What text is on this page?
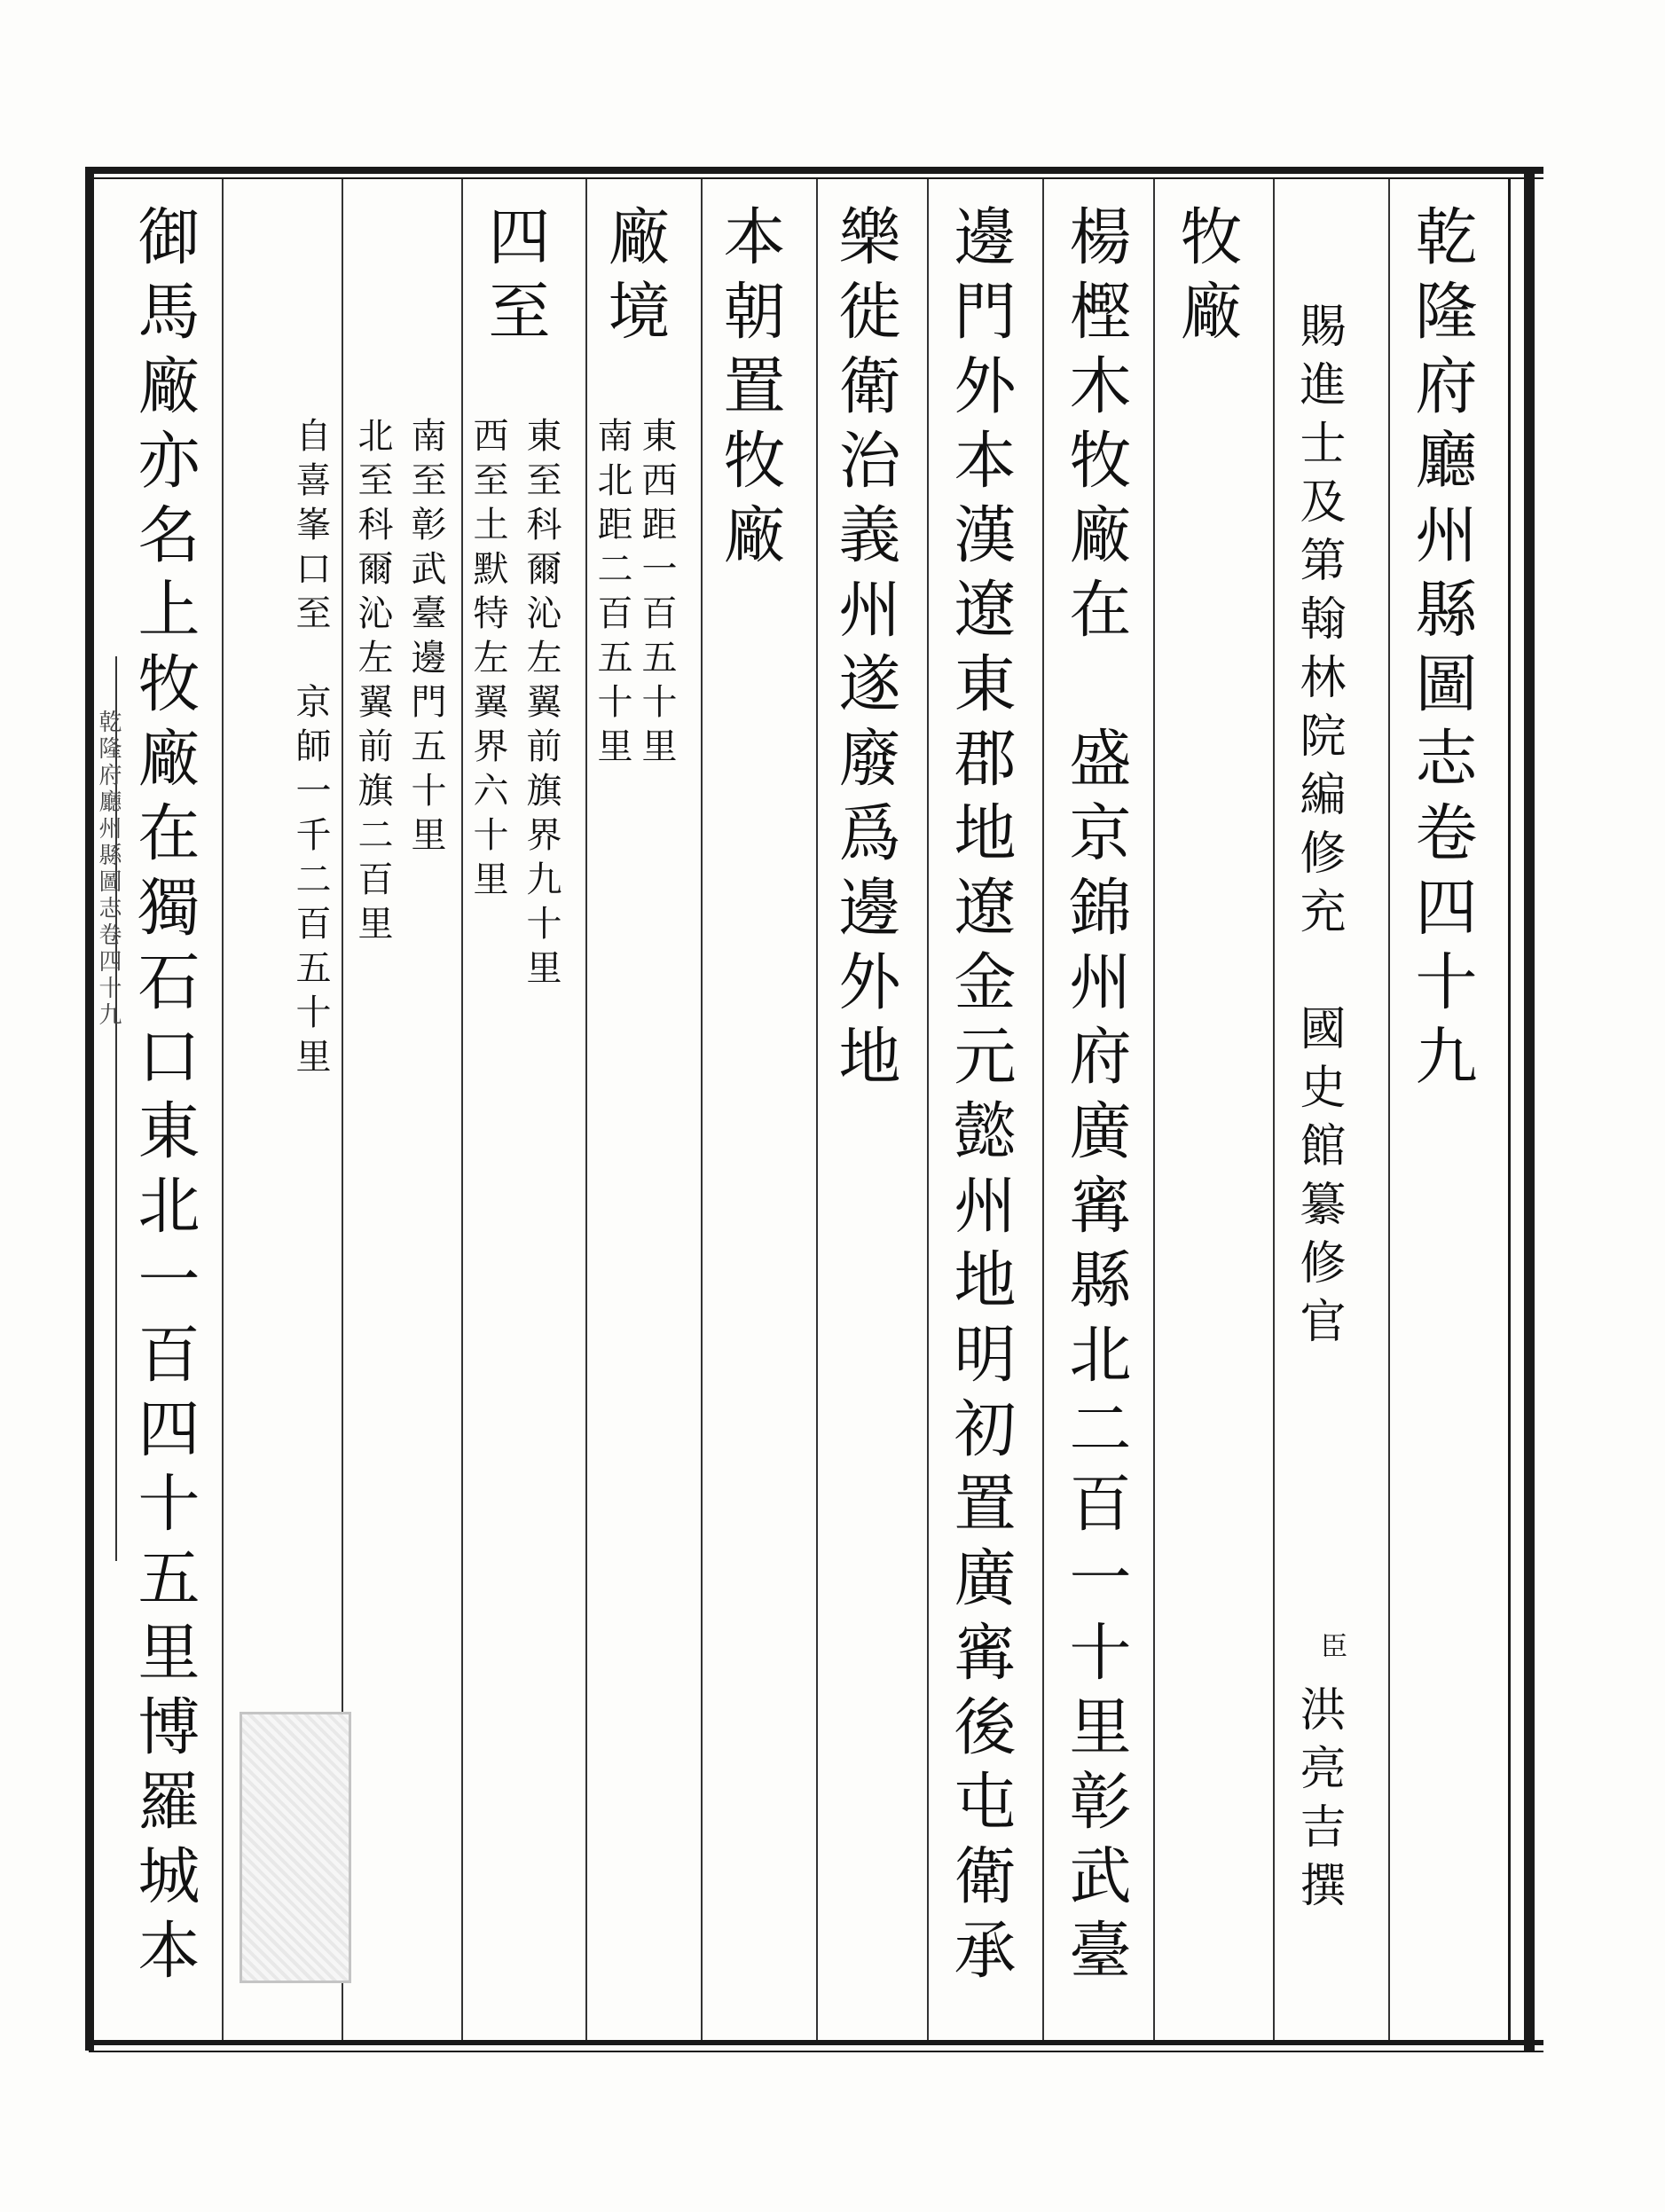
乾隆府廳州縣圖志卷四十九	乾隆府廳州縣圖志卷四十九
賜進士及第翰林院編修充　國史館纂修官
臣
洪亮吉撰
牧廠
楊樫木牧廠在　盛京錦州府廣寗縣北二百一十里彰武臺
邊門外本漢遼東郡地遼金元懿州地明初置廣寗後屯衛承
樂徙衛治義州遂廢爲邊外地
本朝置牧廠
廠境
東西距一百五十里
南北距二百五十里
四至
東至科爾沁左翼前旗界九十里
西至土默特左翼界六十里
南至彰武臺邊門五十里
北至科爾沁左翼前旗二百里
自喜峯口至　京師一千二百五十里
御馬廠亦名上牧廠在獨石口東北一百四十五里博羅城本
